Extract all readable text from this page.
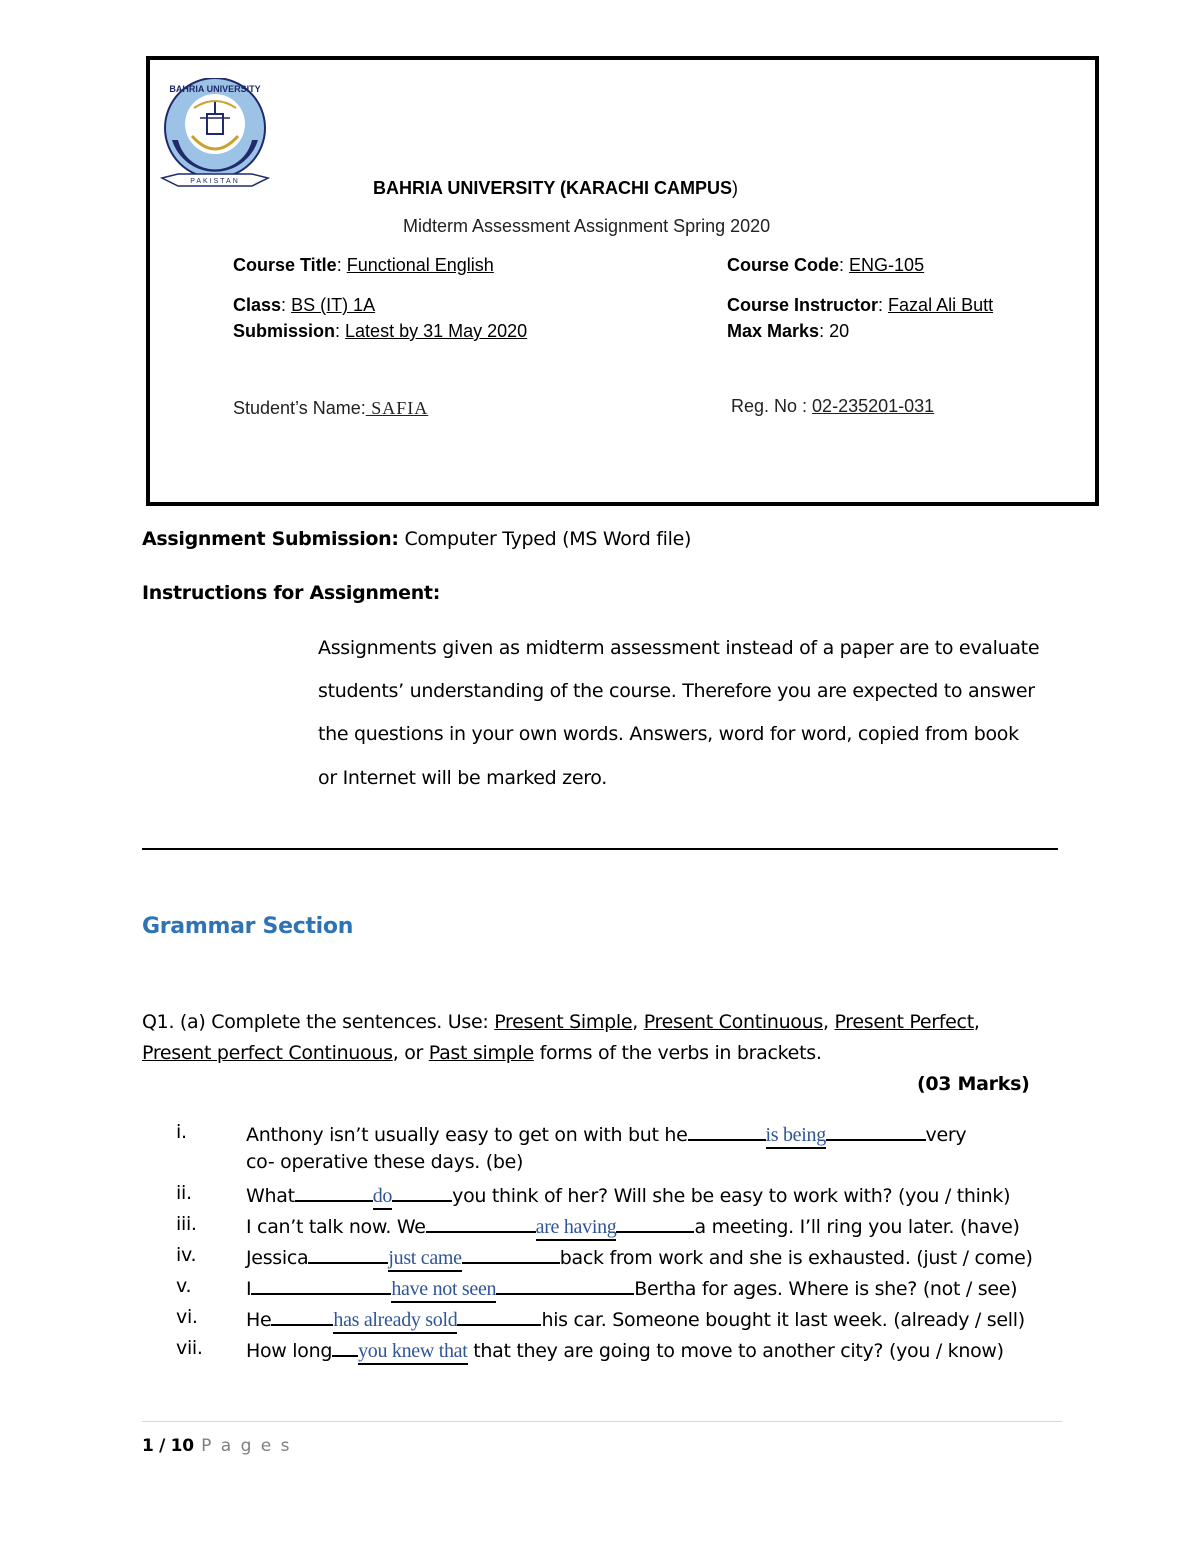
BAHRIA UNIVERSITY
PAKISTAN	BAHRIA UNIVERSITY (KARACHI CAMPUS)
Midterm Assessment Assignment Spring 2020
Course Title: Functional English	Course Code: ENG-105
Class: BS (IT) 1A	Course Instructor: Fazal Ali Butt
Submission: Latest by 31 May 2020	Max Marks: 20
Student’s Name: SAFIA	Reg. No : 02-235201-031
Assignment Submission: Computer Typed (MS Word file)
Instructions for Assignment:
Assignments given as midterm assessment instead of a paper are to evaluate
students’ understanding of the course. Therefore you are expected to answer
the questions in your own words. Answers, word for word, copied from book
or Internet will be marked zero.
Grammar Section
Q1. (a) Complete the sentences. Use: Present Simple, Present Continuous, Present Perfect,
Present perfect Continuous, or Past simple forms of the verbs in brackets.
(03 Marks)
i.	Anthony isn’t usually easy to get on with but he	is being	very
co- operative these days. (be)
ii.	What	do	you think of her? Will she be easy to work with? (you / think)
iii.	I can’t talk now. We	are having	a meeting. I’ll ring you later. (have)
iv.	Jessica	just came	back from work and she is exhausted. (just / come)
v.	I	have not seen	Bertha for ages. Where is she? (not / see)
vi.	He	has already sold	his car. Someone bought it last week. (already / sell)
vii. How long you knew that that they are going to move to another city? (you / know)
1 / 10 P a g e s
